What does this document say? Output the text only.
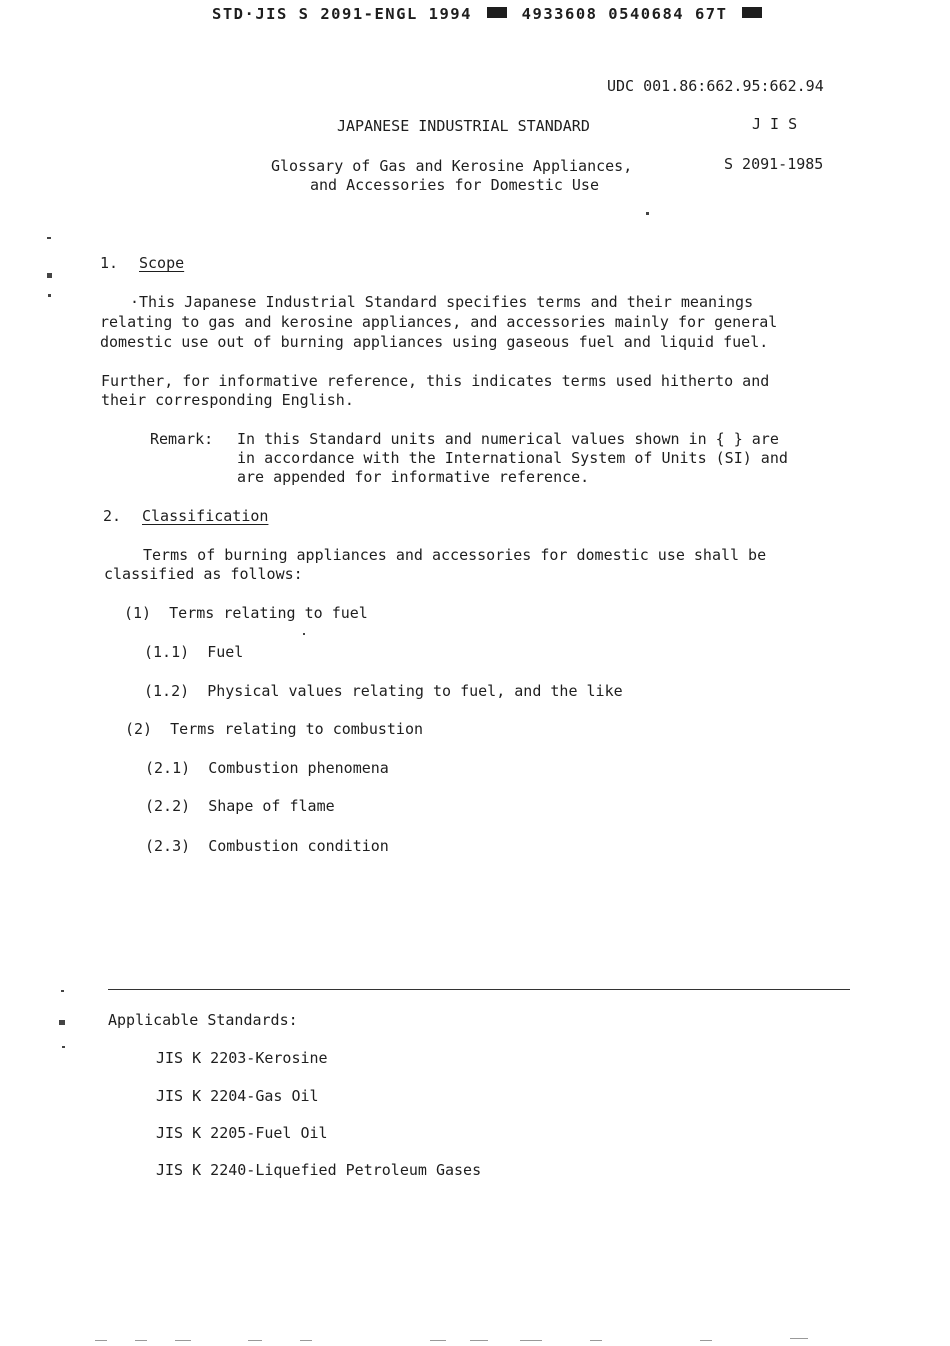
STD·JIS S 2091-ENGL 1994	4933608 0540684 67T
UDC 001.86:662.95:662.94
JAPANESE INDUSTRIAL STANDARD	J I S
Glossary of Gas and Kerosine Appliances,	S 2091-1985
and Accessories for Domestic Use
1. Scope
·This Japanese Industrial Standard specifies terms and their meanings
relating to gas and kerosine appliances, and accessories mainly for general
domestic use out of burning appliances using gaseous fuel and liquid fuel.
Further, for informative reference, this indicates terms used hitherto and
their corresponding English.
Remark: In this Standard units and numerical values shown in { } are
in accordance with the International System of Units (SI) and
are appended for informative reference.
2. Classification
Terms of burning appliances and accessories for domestic use shall be
classified as follows:
(1) Terms relating to fuel
(1.1) Fuel
(1.2) Physical values relating to fuel, and the like
(2) Terms relating to combustion
(2.1) Combustion phenomena
(2.2) Shape of flame
(2.3) Combustion condition
Applicable Standards:
JIS K 2203-Kerosine
JIS K 2204-Gas Oil
JIS K 2205-Fuel Oil
JIS K 2240-Liquefied Petroleum Gases
